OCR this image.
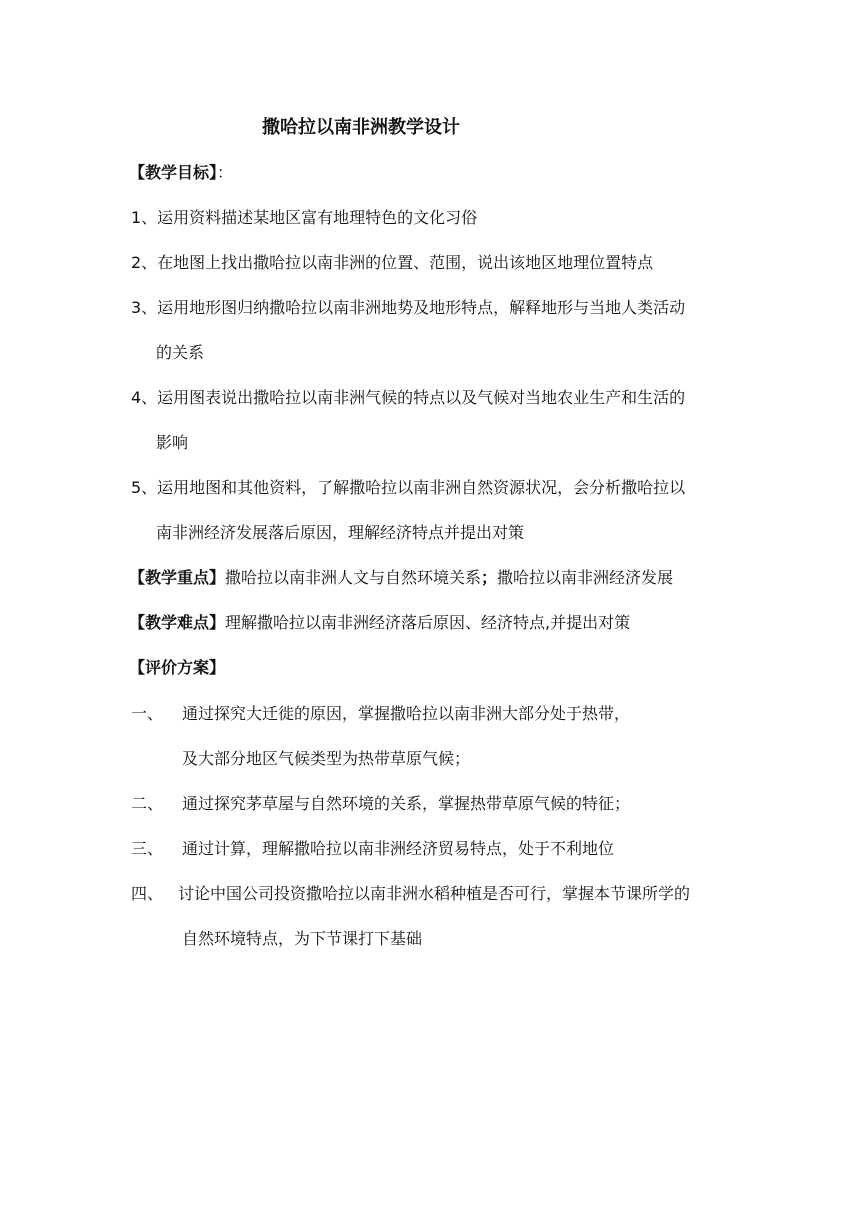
撒哈拉以南非洲教学设计
【教学目标】：
1、运用资料描述某地区富有地理特色的文化习俗
2、在地图上找出撒哈拉以南非洲的位置、范围，说出该地区地理位置特点
3、运用地形图归纳撒哈拉以南非洲地势及地形特点，解释地形与当地人类活动
的关系
4、运用图表说出撒哈拉以南非洲气候的特点以及气候对当地农业生产和生活的
影响
5、运用地图和其他资料，了解撒哈拉以南非洲自然资源状况，会分析撒哈拉以
南非洲经济发展落后原因，理解经济特点并提出对策
【教学重点】撒哈拉以南非洲人文与自然环境关系；撒哈拉以南非洲经济发展
【教学难点】理解撒哈拉以南非洲经济落后原因、经济特点,并提出对策
【评价方案】
一、 通过探究大迁徙的原因，掌握撒哈拉以南非洲大部分处于热带，
及大部分地区气候类型为热带草原气候；
二、 通过探究茅草屋与自然环境的关系，掌握热带草原气候的特征；
三、 通过计算，理解撒哈拉以南非洲经济贸易特点，处于不利地位
四、 讨论中国公司投资撒哈拉以南非洲水稻种植是否可行，掌握本节课所学的
自然环境特点，为下节课打下基础
